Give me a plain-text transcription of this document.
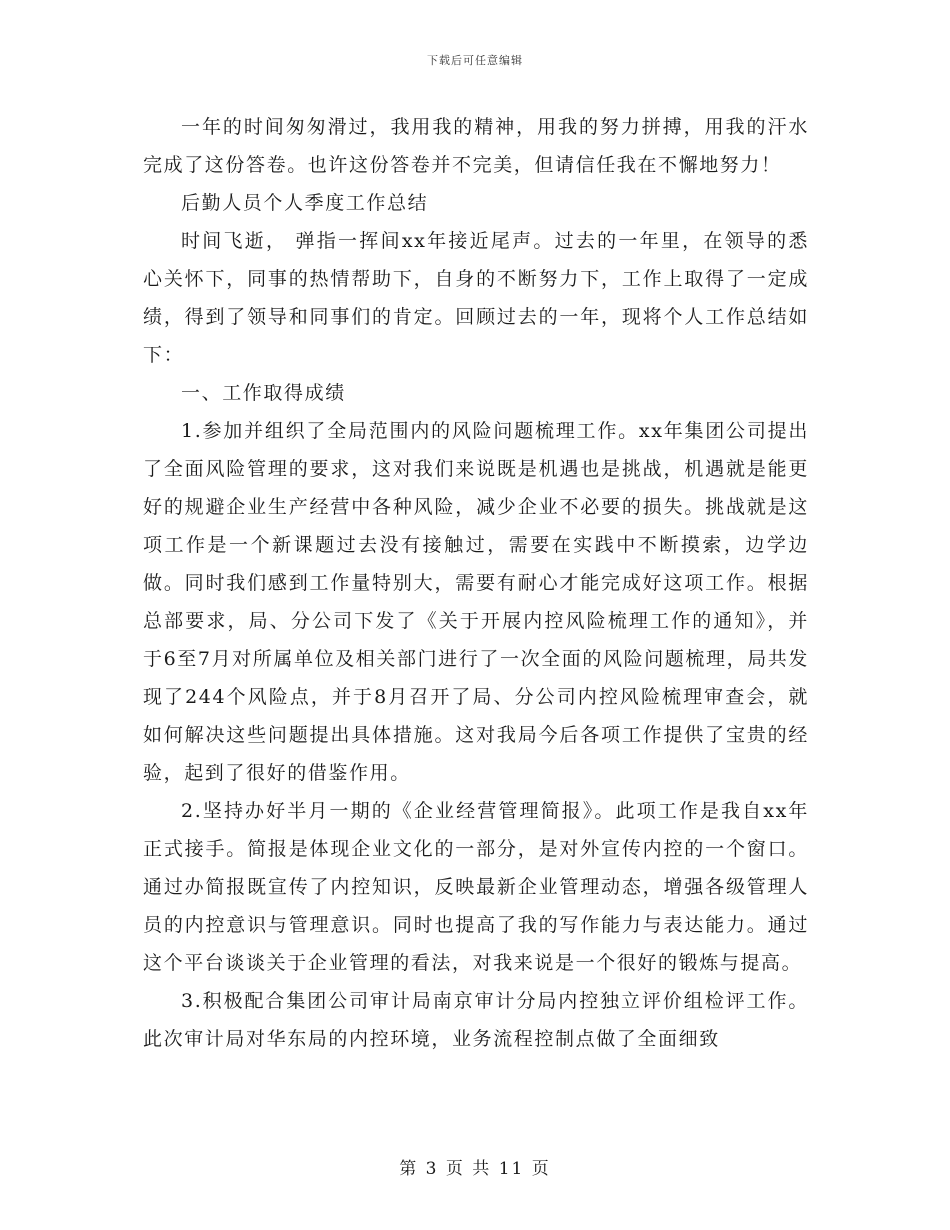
下载后可任意编辑

一年的时间匆匆滑过，我用我的精神，用我的努力拼搏，用我的汗水完成了这份答卷。也许这份答卷并不完美，但请信任我在不懈地努力！

后勤人员个人季度工作总结

时间飞逝， 弹指一挥间xx年接近尾声。过去的一年里，在领导的悉心关怀下，同事的热情帮助下，自身的不断努力下，工作上取得了一定成绩，得到了领导和同事们的肯定。回顾过去的一年，现将个人工作总结如下：

一、工作取得成绩

1.参加并组织了全局范围内的风险问题梳理工作。xx年集团公司提出了全面风险管理的要求，这对我们来说既是机遇也是挑战，机遇就是能更好的规避企业生产经营中各种风险，减少企业不必要的损失。挑战就是这项工作是一个新课题过去没有接触过，需要在实践中不断摸索，边学边做。同时我们感到工作量特别大，需要有耐心才能完成好这项工作。根据总部要求，局、分公司下发了《关于开展内控风险梳理工作的通知》，并于6至7月对所属单位及相关部门进行了一次全面的风险问题梳理，局共发现了244个风险点，并于8月召开了局、分公司内控风险梳理审查会，就如何解决这些问题提出具体措施。这对我局今后各项工作提供了宝贵的经验，起到了很好的借鉴作用。

2.坚持办好半月一期的《企业经营管理简报》。此项工作是我自xx年正式接手。简报是体现企业文化的一部分，是对外宣传内控的一个窗口。通过办简报既宣传了内控知识，反映最新企业管理动态，增强各级管理人员的内控意识与管理意识。同时也提高了我的写作能力与表达能力。通过这个平台谈谈关于企业管理的看法，对我来说是一个很好的锻炼与提高。

3.积极配合集团公司审计局南京审计分局内控独立评价组检评工作。此次审计局对华东局的内控环境，业务流程控制点做了全面细致

第 3 页 共 11 页
